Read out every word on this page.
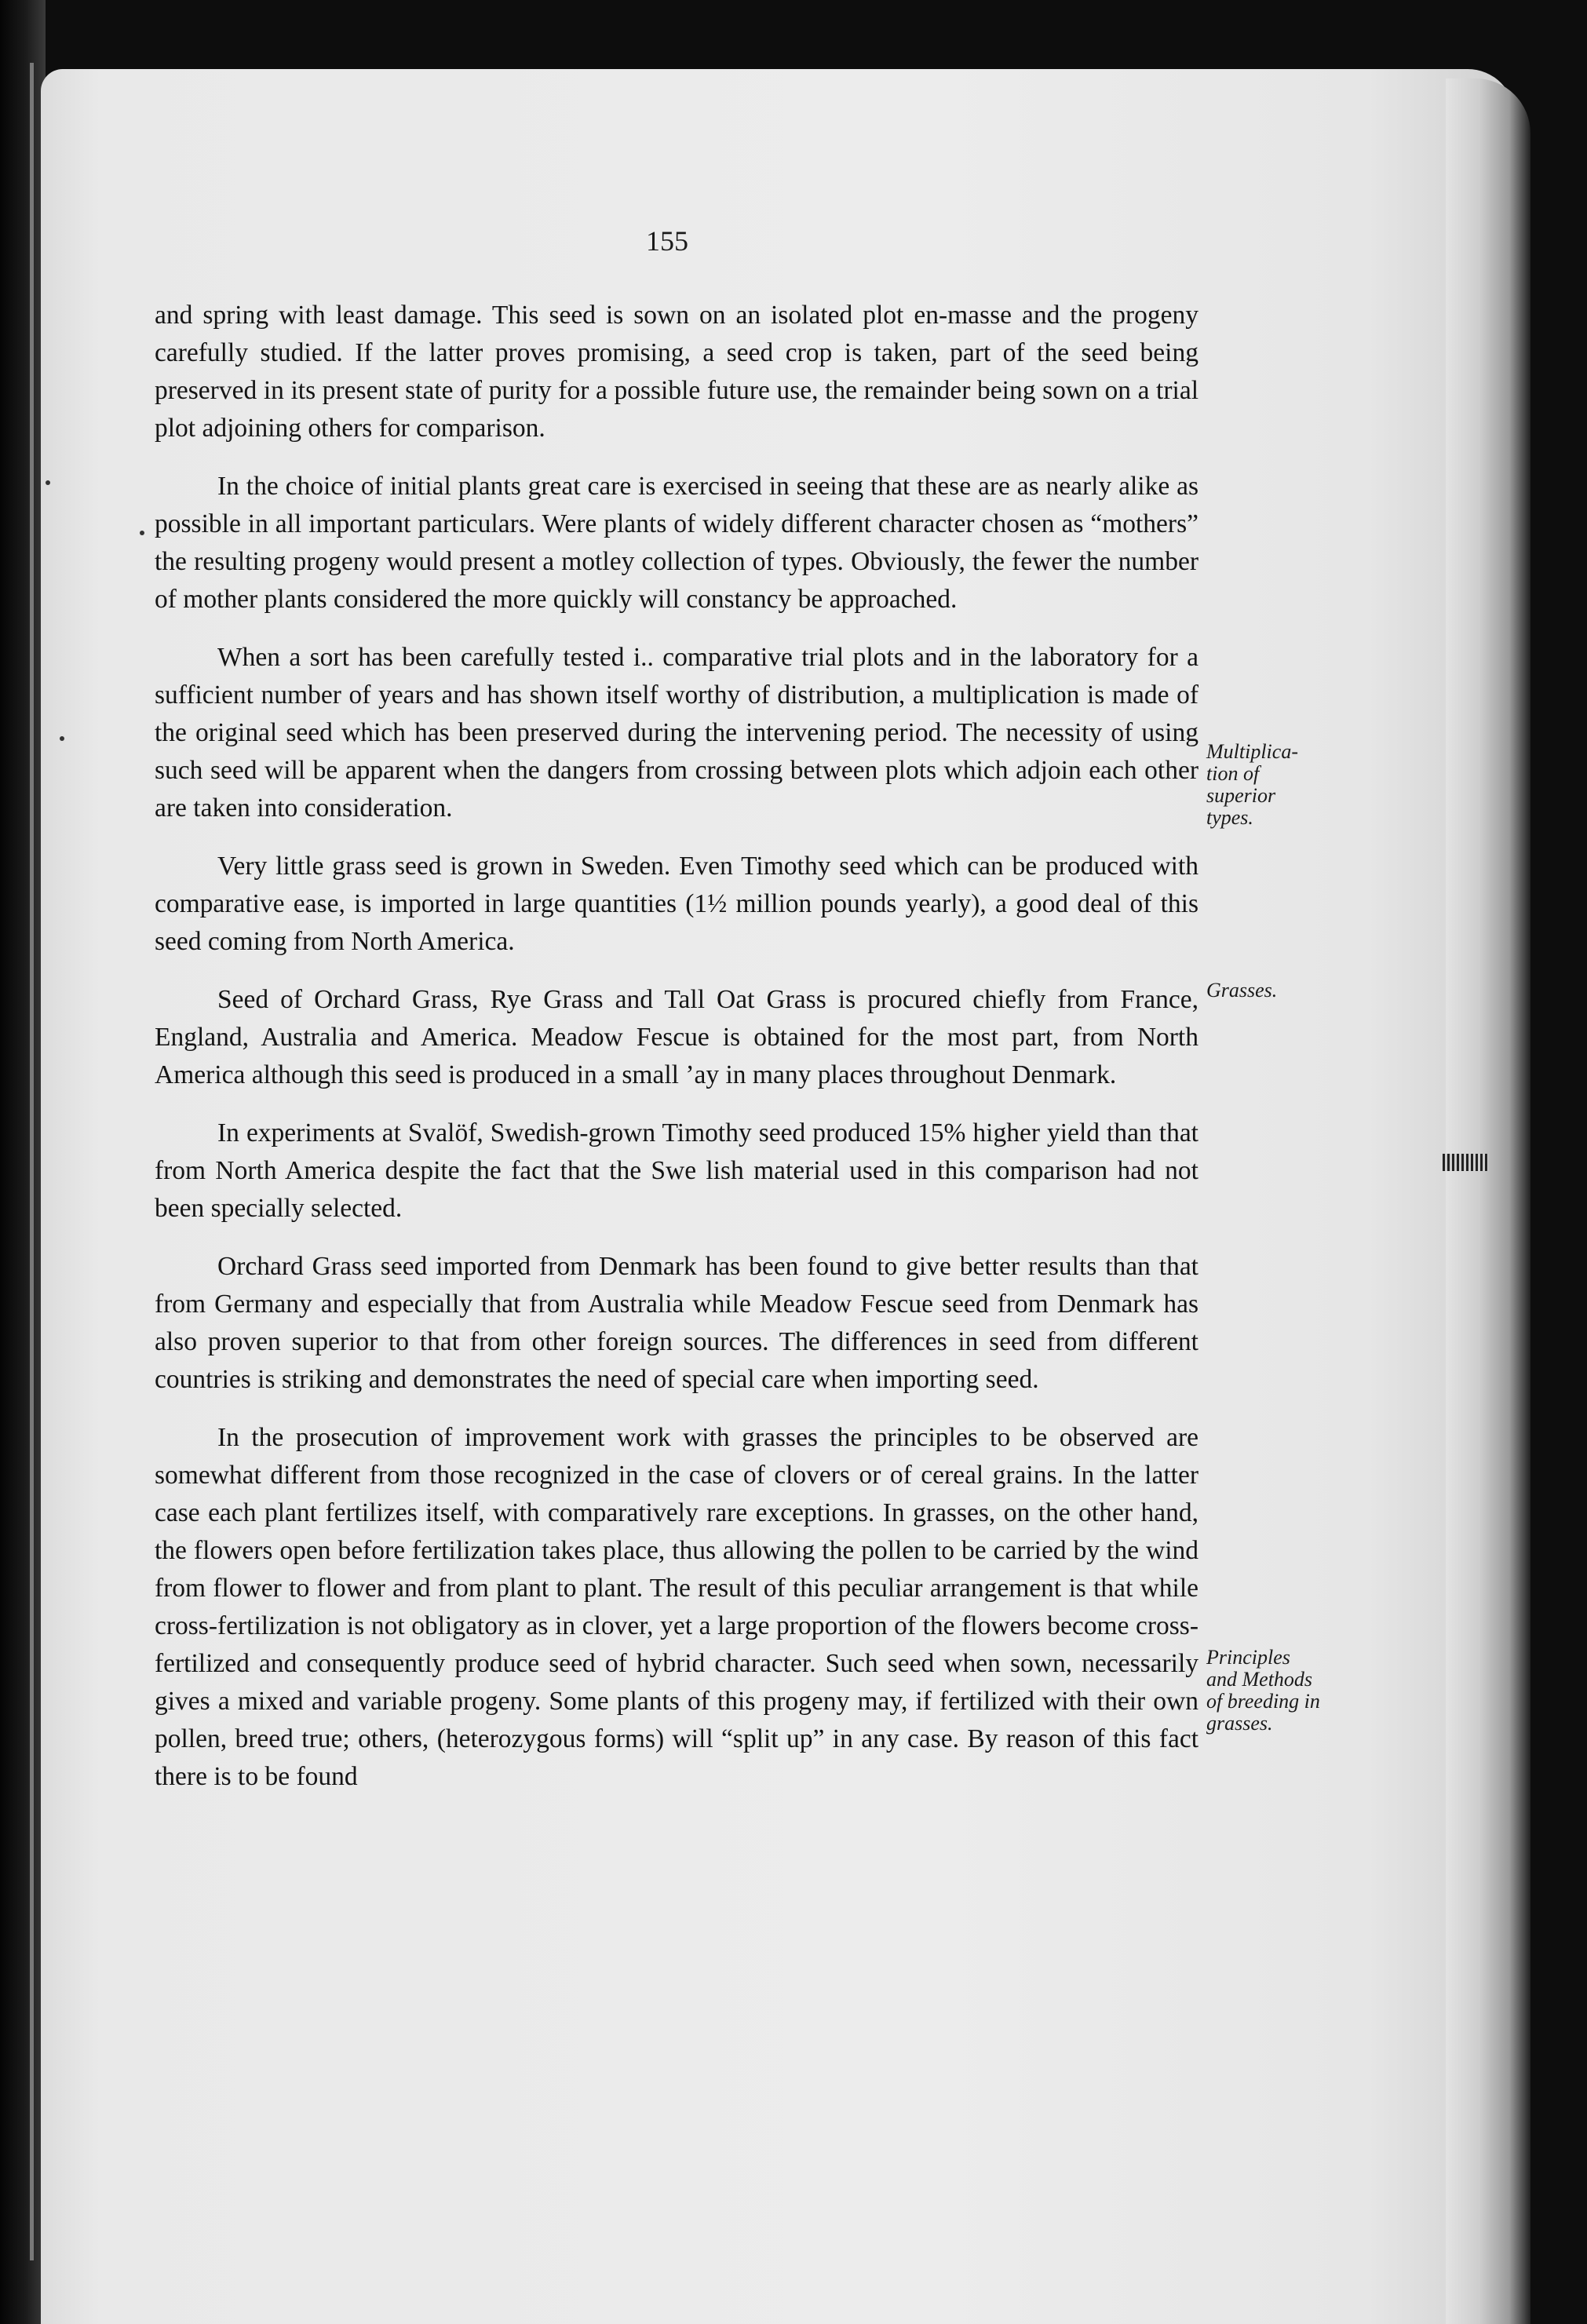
155

and spring with least damage. This seed is sown on an isolated plot en-masse and the progeny carefully studied. If the latter proves promising, a seed crop is taken, part of the seed being preserved in its present state of purity for a possible future use, the remainder being sown on a trial plot adjoining others for comparison.

In the choice of initial plants great care is exercised in seeing that these are as nearly alike as possible in all important particulars. Were plants of widely different character chosen as “mothers” the resulting progeny would present a motley collection of types. Obviously, the fewer the number of mother plants considered the more quickly will constancy be approached.

When a sort has been carefully tested i.. comparative trial plots and in the laboratory for a sufficient number of years and has shown itself worthy of distribution, a multiplication is made of the original seed which has been preserved during the intervening period. The necessity of using such seed will be apparent when the dangers from crossing between plots which adjoin each other are taken into consideration.

Very little grass seed is grown in Sweden. Even Timothy seed which can be produced with comparative ease, is imported in large quantities (1½ million pounds yearly), a good deal of this seed coming from North America.

Seed of Orchard Grass, Rye Grass and Tall Oat Grass is procured chiefly from France, England, Australia and America. Meadow Fescue is obtained for the most part, from North America although this seed is produced in a small ’ay in many places throughout Denmark.

In experiments at Svalöf, Swedish-grown Timothy seed produced 15% higher yield than that from North America despite the fact that the Swe lish material used in this comparison had not been specially selected.

Orchard Grass seed imported from Denmark has been found to give better results than that from Germany and especially that from Australia while Meadow Fescue seed from Denmark has also proven superior to that from other foreign sources. The differences in seed from different countries is striking and demonstrates the need of special care when importing seed.

In the prosecution of improvement work with grasses the principles to be observed are somewhat different from those recognized in the case of clovers or of cereal grains. In the latter case each plant fertilizes itself, with comparatively rare exceptions. In grasses, on the other hand, the flowers open before fertilization takes place, thus allowing the pollen to be carried by the wind from flower to flower and from plant to plant. The result of this peculiar arrangement is that while cross-fertilization is not obligatory as in clover, yet a large proportion of the flowers become cross-fertilized and consequently produce seed of hybrid character. Such seed when sown, necessarily gives a mixed and variable progeny. Some plants of this progeny may, if fertilized with their own pollen, breed true; others, (heterozygous forms) will “split up” in any case. By reason of this fact there is to be found

Multiplica-
tion of
superior
types.
Grasses.
Principles
and Methods
of breeding in
grasses.
